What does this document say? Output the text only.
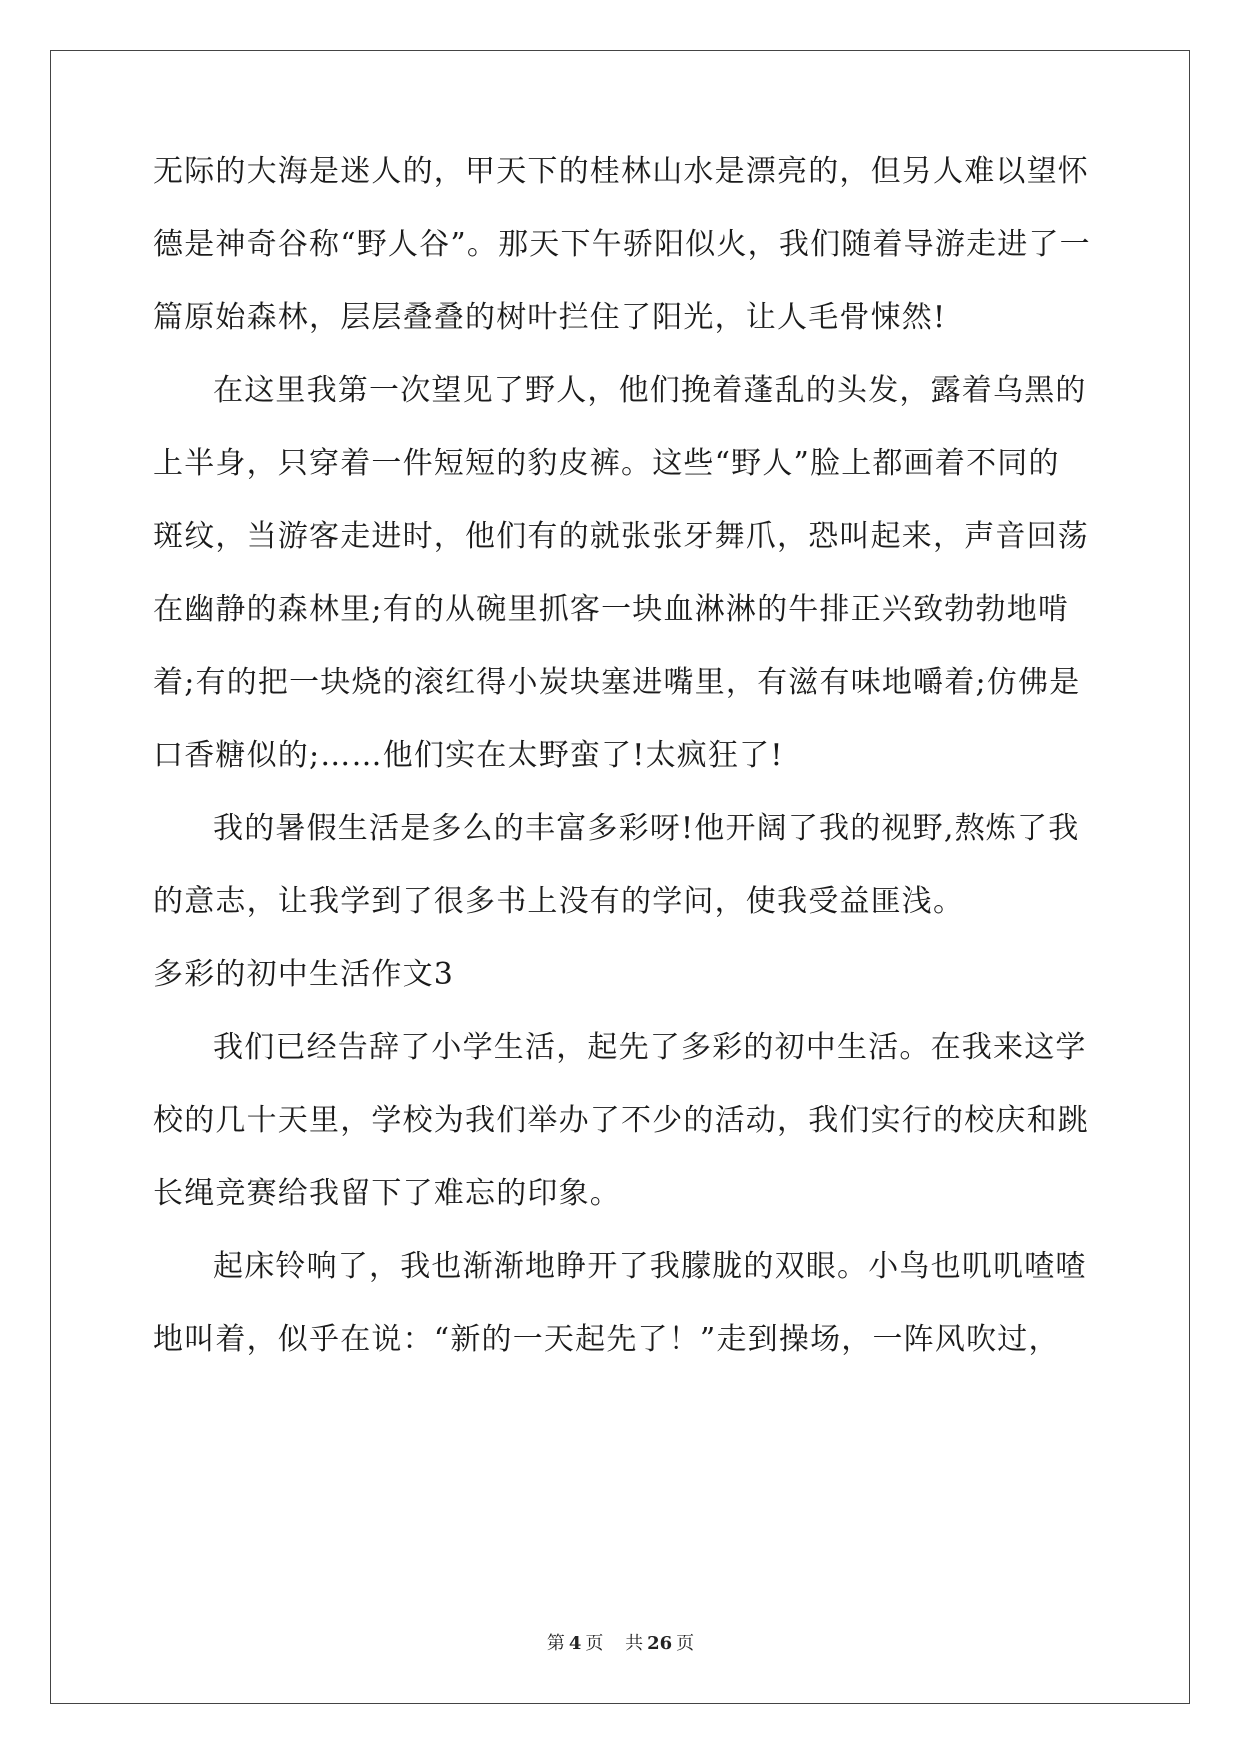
无际的大海是迷人的，甲天下的桂林山水是漂亮的，但另人难以望怀
德是神奇谷称“野人谷”。那天下午骄阳似火，我们随着导游走进了一
篇原始森林，层层叠叠的树叶拦住了阳光，让人毛骨悚然!
在这里我第一次望见了野人，他们挽着蓬乱的头发，露着乌黑的
上半身，只穿着一件短短的豹皮裤。这些“野人”脸上都画着不同的
斑纹，当游客走进时，他们有的就张张牙舞爪，恐叫起来，声音回荡
在幽静的森林里;有的从碗里抓客一块血淋淋的牛排正兴致勃勃地啃
着;有的把一块烧的滚红得小炭块塞进嘴里，有滋有味地嚼着;仿佛是
口香糖似的;……他们实在太野蛮了!太疯狂了!
我的暑假生活是多么的丰富多彩呀!他开阔了我的视野,熬炼了我
的意志，让我学到了很多书上没有的学问，使我受益匪浅。
多彩的初中生活作文3
我们已经告辞了小学生活，起先了多彩的初中生活。在我来这学
校的几十天里，学校为我们举办了不少的活动，我们实行的校庆和跳
长绳竞赛给我留下了难忘的印象。
起床铃响了，我也渐渐地睁开了我朦胧的双眼。小鸟也叽叽喳喳
地叫着，似乎在说：“新的一天起先了！”走到操场，一阵风吹过，
第 4 页 共 26 页
